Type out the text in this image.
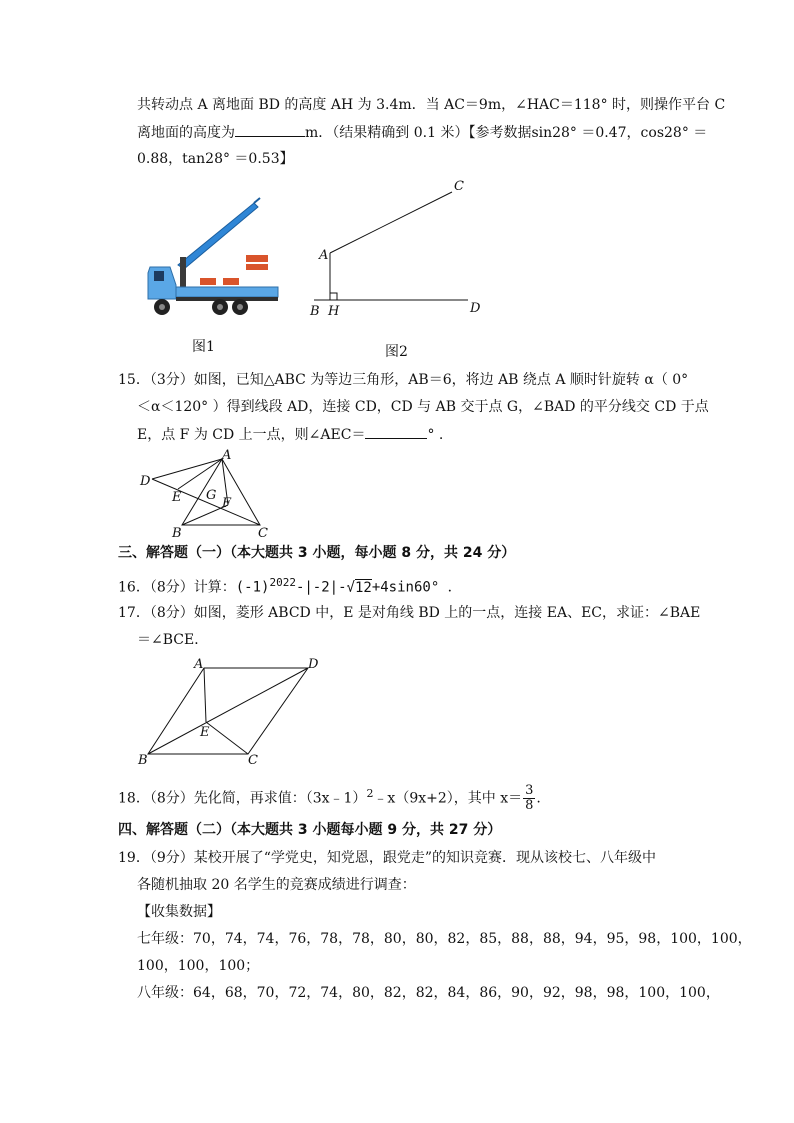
共转动点 A 离地面 BD 的高度 AH 为 3.4m．当 AC＝9m，∠HAC＝118° 时，则操作平台 C
离地面的高度为	m．（结果精确到 0.1 米）【参考数据sin28° ＝0.47，cos28° ＝
0.88，tan28° ＝0.53】
图1
C
A
B H	D
图2
15．（3分）如图，已知△ABC 为等边三角形，AB＝6，将边 AB 绕点 A 顺时针旋转 α（ 0°
＜α＜120° ）得到线段 AD，连接 CD，CD 与 AB 交于点 G，∠BAD 的平分线交 CD 于点
E，点 F 为 CD 上一点，则∠AEC＝	° .
A
D
E G
F
B	C
三、解答题（一）（本大题共 3 小题，每小题 8 分，共 24 分）
16．（8分）计算：$(-1)^{2022}-|-2|-√12+4\sin 60^\circ$ ．
17．（8分）如图，菱形 ABCD 中，E 是对角线 BD 上的一点，连接 EA、EC，求证：∠BAE
＝∠BCE．
A	D
E
B	C
18．（8分）先化简，再求值：（3x﹣1）$^2$﹣x（9x+2），其中 $x= \frac{3}{8}$ .
四、解答题（二）（本大题共 3 小题每小题 9 分，共 27 分）
19．（9分）某校开展了“学党史，知党恩，跟党走”的知识竞赛．现从该校七、八年级中
各随机抽取 20 名学生的竞赛成绩进行调查：
【收集数据】
七年级：70，74，74，76，78，78，80，80，82，85，88，88，94，95，98，100，100，
100，100，100；
八年级：64，68，70，72，74，80，82，82，84，86，90，92，98，98，100，100，
